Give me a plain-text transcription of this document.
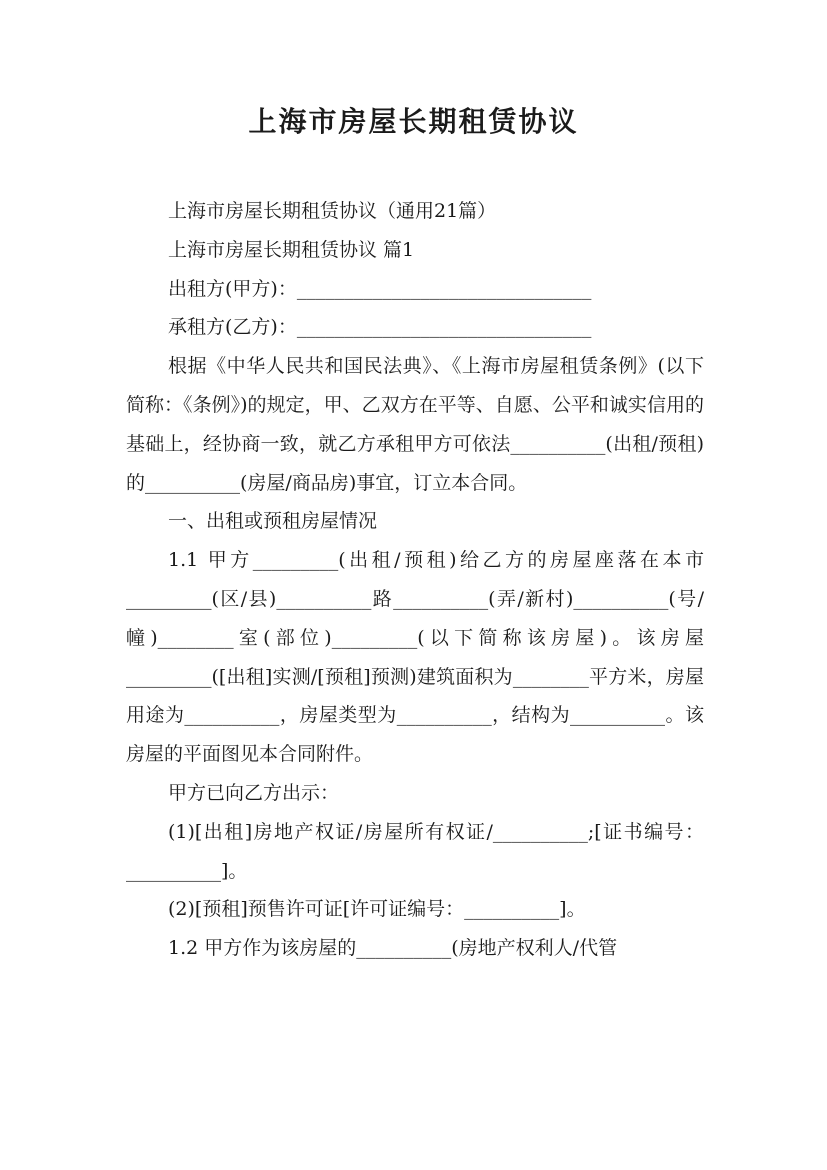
上海市房屋长期租赁协议

上海市房屋长期租赁协议（通用21篇）

上海市房屋长期租赁协议 篇1

出租方(甲方)：_______________________________

承租方(乙方)：_______________________________

根据《中华人民共和国民法典》、《上海市房屋租赁条例》(以下简称：《条例》)的规定，甲、乙双方在平等、自愿、公平和诚实信用的基础上，经协商一致，就乙方承租甲方可依法__________(出租/预租)的__________(房屋/商品房)事宜，订立本合同。

一、出租或预租房屋情况

1.1 甲方_________(出租/预租)给乙方的房屋座落在本市_________(区/县)__________路__________(弄/新村)__________(号/幢)________室(部位)_________(以下简称该房屋)。该房屋_________([出租]实测/[预租]预测)建筑面积为________平方米，房屋用途为__________，房屋类型为__________，结构为__________。该房屋的平面图见本合同附件。

甲方已向乙方出示：

(1)[出租]房地产权证/房屋所有权证/__________;[证书编号：__________]。

(2)[预租]预售许可证[许可证编号：__________]。

1.2 甲方作为该房屋的__________(房地产权利人/代管
